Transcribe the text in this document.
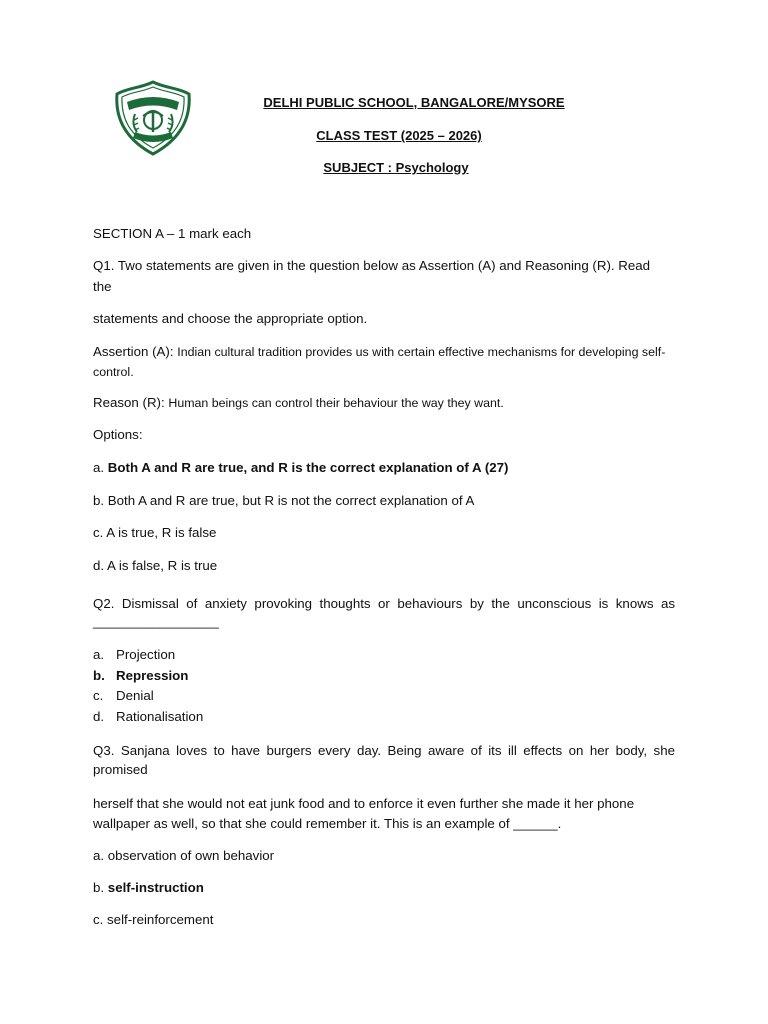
DELHI PUBLIC SCHOOL, BANGALORE/MYSORE
CLASS TEST (2025 – 2026)
SUBJECT : Psychology
SECTION A – 1 mark each
Q1. Two statements are given in the question below as Assertion (A) and Reasoning (R). Read
the
statements and choose the appropriate option.
Assertion (A): Indian cultural tradition provides us with certain effective mechanisms for developing self-control.
Reason (R): Human beings can control their behaviour the way they want.
Options:
a. Both A and R are true, and R is the correct explanation of A (27)
b. Both A and R are true, but R is not the correct explanation of A
c. A is true, R is false
d. A is false, R is true
Q2. Dismissal of anxiety provoking thoughts or behaviours by the unconscious is knows as
_________________
a. Projection
b. Repression
c. Denial
d. Rationalisation
Q3. Sanjana loves to have burgers every day. Being aware of its ill effects on her body, she
promised
herself that she would not eat junk food and to enforce it even further she made it her phone wallpaper as well, so that she could remember it. This is an example of ______.
a. observation of own behavior
b. self-instruction
c. self-reinforcement
